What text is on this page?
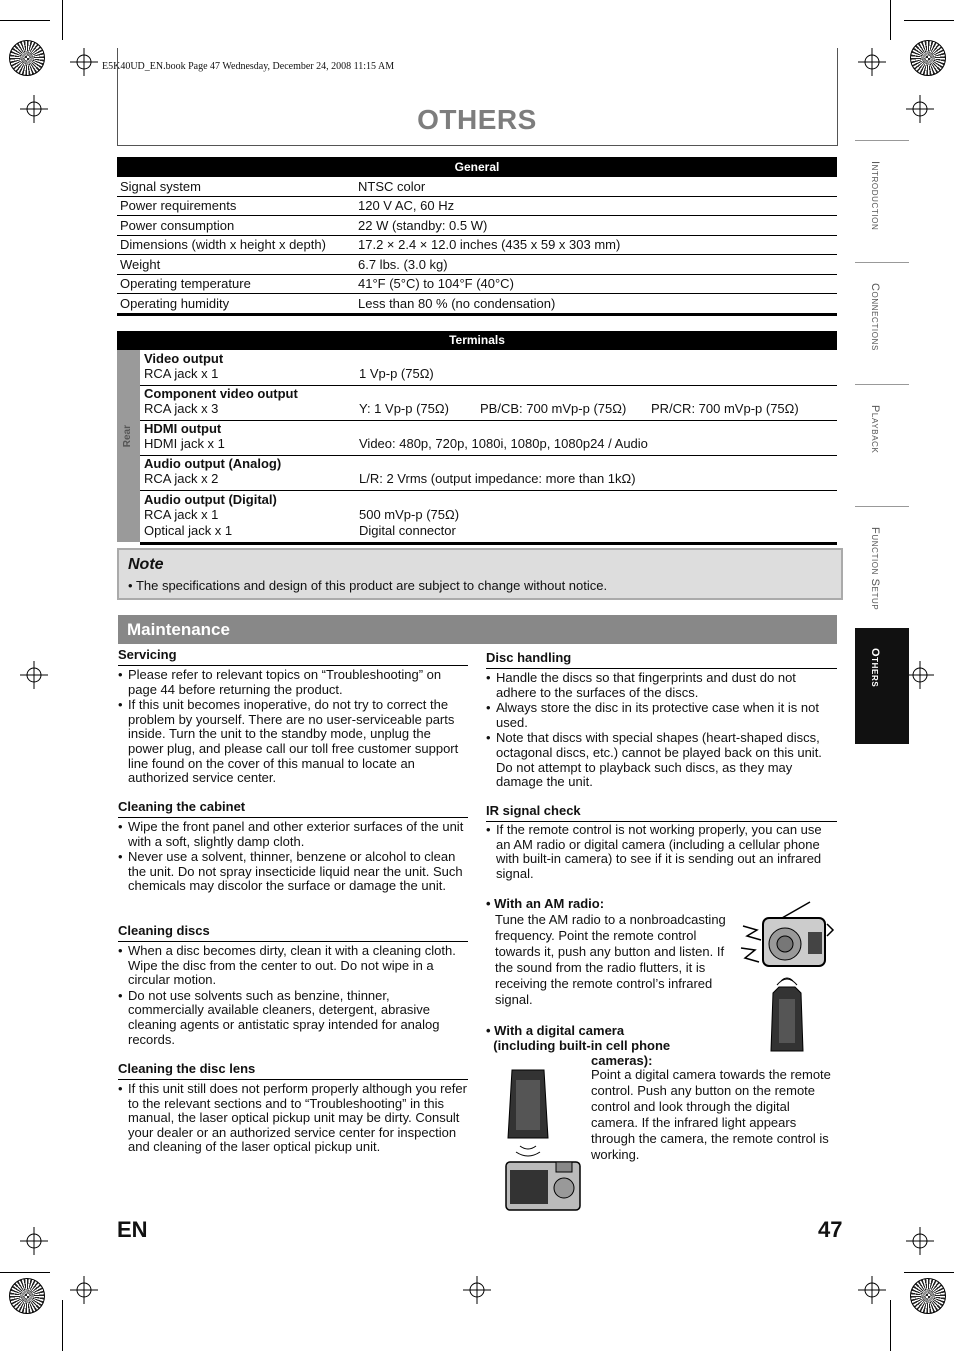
E5K40UD_EN.book Page 47 Wednesday, December 24, 2008 11:15 AM
OTHERS
Introduction
Connections
Playback
Function Setup
Others
General	
Signal system	NTSC color
Power requirements	120 V AC, 60 Hz
Power consumption	22 W (standby: 0.5 W)
Dimensions (width x height x depth)	17.2 × 2.4 × 12.0 inches (435 x 59 x 303 mm)
Weight	6.7 lbs. (3.0 kg)
Operating temperature	41°F (5°C) to 104°F (40°C)
Operating humidity	Less than 80 % (no condensation)
Terminals
Rear
Video output
RCA jack x 1	1 Vp-p (75Ω)
Component video output
RCA jack x 3	Y: 1 Vp-p (75Ω) PB/CB: 700 mVp-p (75Ω) PR/CR: 700 mVp-p (75Ω)
HDMI output
HDMI jack x 1	Video: 480p, 720p, 1080i, 1080p, 1080p24 / Audio
Audio output (Analog)
RCA jack x 2	L/R: 2 Vrms (output impedance: more than 1kΩ)
Audio output (Digital)
RCA jack x 1	500 mVp-p (75Ω)
Optical jack x 1	Digital connector
Note
• The specifications and design of this product are subject to change without notice.
Maintenance
Servicing
• Please refer to relevant topics on “Troubleshooting” on page 44 before returning the product.
• If this unit becomes inoperative, do not try to correct the problem by yourself. There are no user-serviceable parts inside. Turn the unit to the standby mode, unplug the power plug, and please call our toll free customer support line found on the cover of this manual to locate an authorized service center.
Cleaning the cabinet
• Wipe the front panel and other exterior surfaces of the unit with a soft, slightly damp cloth.
• Never use a solvent, thinner, benzene or alcohol to clean the unit. Do not spray insecticide liquid near the unit. Such chemicals may discolor the surface or damage the unit.
Cleaning discs
• When a disc becomes dirty, clean it with a cleaning cloth. Wipe the disc from the center to out. Do not wipe in a circular motion.
• Do not use solvents such as benzine, thinner, commercially available cleaners, detergent, abrasive cleaning agents or antistatic spray intended for analog records.
Cleaning the disc lens
• If this unit still does not perform properly although you refer to the relevant sections and to “Troubleshooting” in this manual, the laser optical pickup unit may be dirty. Consult your dealer or an authorized service center for inspection and cleaning of the laser optical pickup unit.
Disc handling
• Handle the discs so that fingerprints and dust do not adhere to the surfaces of the discs.
• Always store the disc in its protective case when it is not used.
• Note that discs with special shapes (heart-shaped discs, octagonal discs, etc.) cannot be played back on this unit. Do not attempt to playback such discs, as they may damage the unit.
IR signal check
• If the remote control is not working properly, you can use an AM radio or digital camera (including a cellular phone with built-in camera) to see if it is sending out an infrared signal.
• With an AM radio:
Tune the AM radio to a nonbroadcasting frequency. Point the remote control towards it, push any button and listen. If the sound from the radio flutters, it is receiving the remote control’s infrared signal.
• With a digital camera
(including built-in cell phone
cameras):
Point a digital camera towards the remote control. Push any button on the remote control and look through the digital camera. If the infrared light appears through the camera, the remote control is working.
EN	47
